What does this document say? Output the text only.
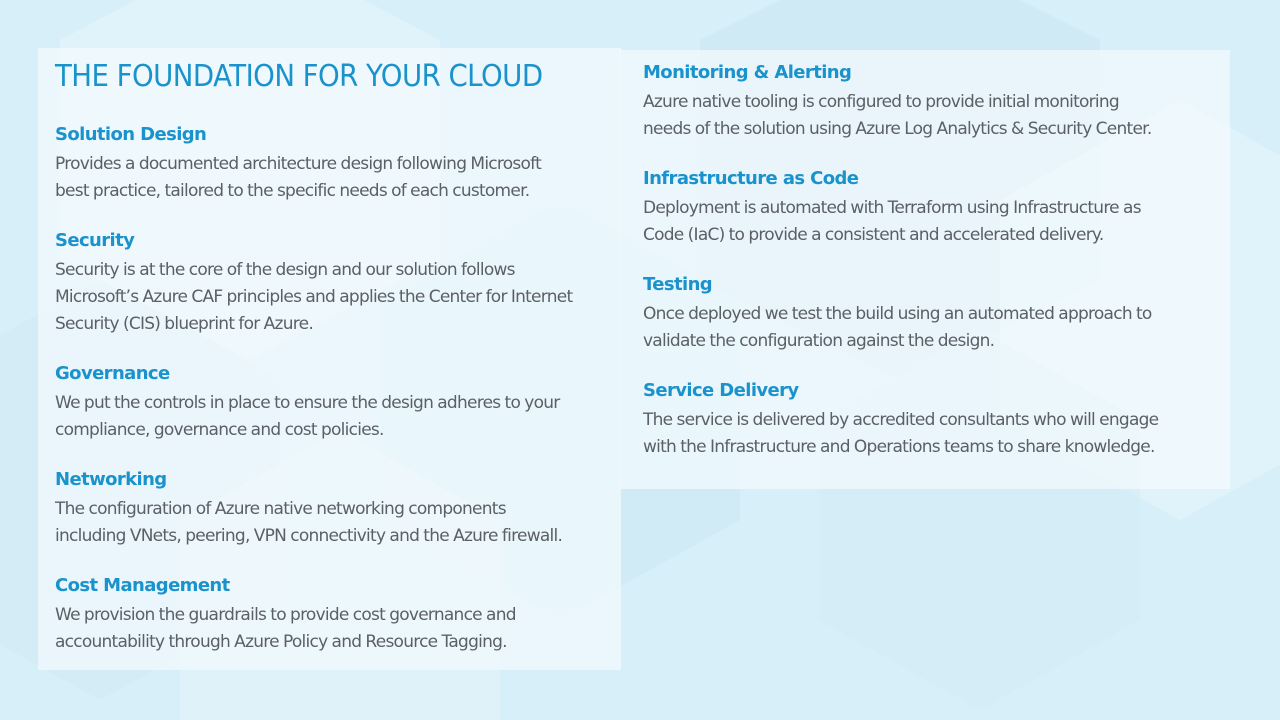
THE FOUNDATION FOR YOUR CLOUD
Solution Design
Provides a documented architecture design following Microsoft
best practice, tailored to the specific needs of each customer.
Security
Security is at the core of the design and our solution follows
Microsoft’s Azure CAF principles and applies the Center for Internet
Security (CIS) blueprint for Azure.
Governance
We put the controls in place to ensure the design adheres to your
compliance, governance and cost policies.
Networking
The configuration of Azure native networking components
including VNets, peering, VPN connectivity and the Azure firewall.
Cost Management
We provision the guardrails to provide cost governance and
accountability through Azure Policy and Resource Tagging.
Monitoring & Alerting
Azure native tooling is configured to provide initial monitoring
needs of the solution using Azure Log Analytics & Security Center.
Infrastructure as Code
Deployment is automated with Terraform using Infrastructure as
Code (IaC) to provide a consistent and accelerated delivery.
Testing
Once deployed we test the build using an automated approach to
validate the configuration against the design.
Service Delivery
The service is delivered by accredited consultants who will engage
with the Infrastructure and Operations teams to share knowledge.
